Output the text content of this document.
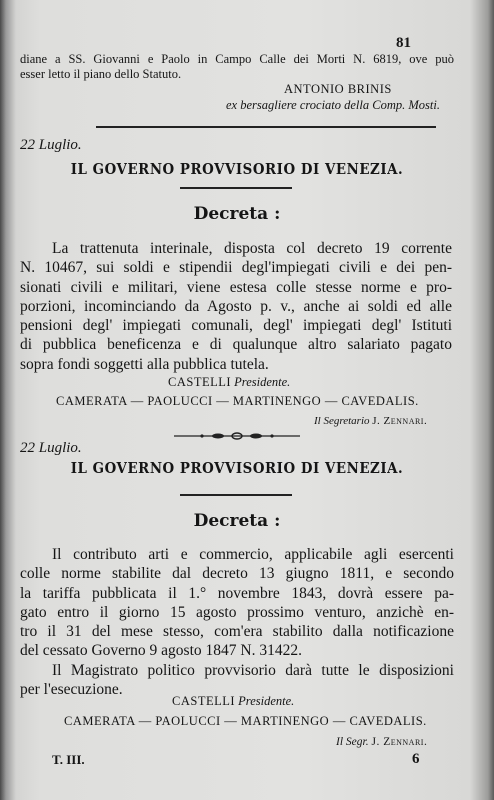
81
diane a SS. Giovanni e Paolo in Campo Calle dei Morti N. 6819, ove può
esser letto il piano dello Statuto.
ANTONIO BRINIS
ex bersagliere crociato della Comp. Mosti.
22 Luglio.
IL GOVERNO PROVVISORIO DI VENEZIA.
Decreta :
La trattenuta interinale, disposta col decreto 19 corrente
N. 10467, sui soldi e stipendii degl'impiegati civili e dei pen-
sionati civili e militari, viene estesa colle stesse norme e pro-
porzioni, incominciando da Agosto p. v., anche ai soldi ed alle
pensioni degl' impiegati comunali, degl' impiegati degl' Istituti
di pubblica beneficenza e di qualunque altro salariato pagato
sopra fondi soggetti alla pubblica tutela.
CASTELLI Presidente.
CAMERATA — PAOLUCCI — MARTINENGO — CAVEDALIS.
Il Segretario J. Zennari.
22 Luglio.
IL GOVERNO PROVVISORIO DI VENEZIA.
Decreta :
Il contributo arti e commercio, applicabile agli esercenti
colle norme stabilite dal decreto 13 giugno 1811, e secondo
la tariffa pubblicata il 1.° novembre 1843, dovrà essere pa-
gato entro il giorno 15 agosto prossimo venturo, anzichè en-
tro il 31 del mese stesso, com'era stabilito dalla notificazione
del cessato Governo 9 agosto 1847 N. 31422.
Il Magistrato politico provvisorio darà tutte le disposizioni
per l'esecuzione.
CASTELLI Presidente.
CAMERATA — PAOLUCCI — MARTINENGO — CAVEDALIS.
Il Segr. J. Zennari.
T. III.	6
